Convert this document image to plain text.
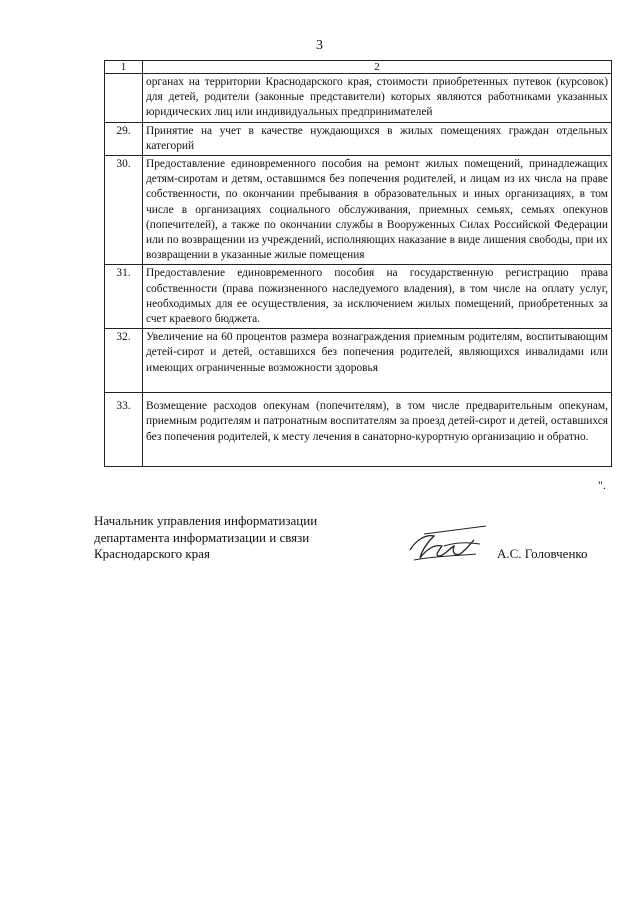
3
1	2
	органах на территории Краснодарского края, стоимости приобретенных путевок (курсовок) для детей, родители (законные представители) которых являются работниками указанных юридических лиц или индивидуальных предпринимателей
29.	Принятие на учет в качестве нуждающихся в жилых помещениях граждан отдельных категорий
30.	Предоставление единовременного пособия на ремонт жилых помещений, принадлежащих детям-сиротам и детям, оставшимся без попечения родителей, и лицам из их числа на праве собственности, по окончании пребывания в образовательных и иных организациях, в том числе в организациях социального обслуживания, приемных семьях, семьях опекунов (попечителей), а также по окончании службы в Вооруженных Силах Российской Федерации или по возвращении из учреждений, исполняющих наказание в виде лишения свободы, при их возвращении в указанные жилые помещения
31.	Предоставление единовременного пособия на государственную регистрацию права собственности (права пожизненного наследуемого владения), в том числе на оплату услуг, необходимых для ее осуществления, за исключением жилых помещений, приобретенных за счет краевого бюджета.
32.	Увеличение на 60 процентов размера вознаграждения приемным родителям, воспитывающим детей-сирот и детей, оставшихся без попечения родителей, являющихся инвалидами или имеющих ограниченные возможности здоровья
33.	Возмещение расходов опекунам (попечителям), в том числе предварительным опекунам, приемным родителям и патронатным воспитателям за проезд детей-сирот и детей, оставшихся без попечения родителей, к месту лечения в санаторно-курортную организацию и обратно.
".
Начальник управления информатизации
департамента информатизации и связи
Краснодарского края	А.С. Головченко
